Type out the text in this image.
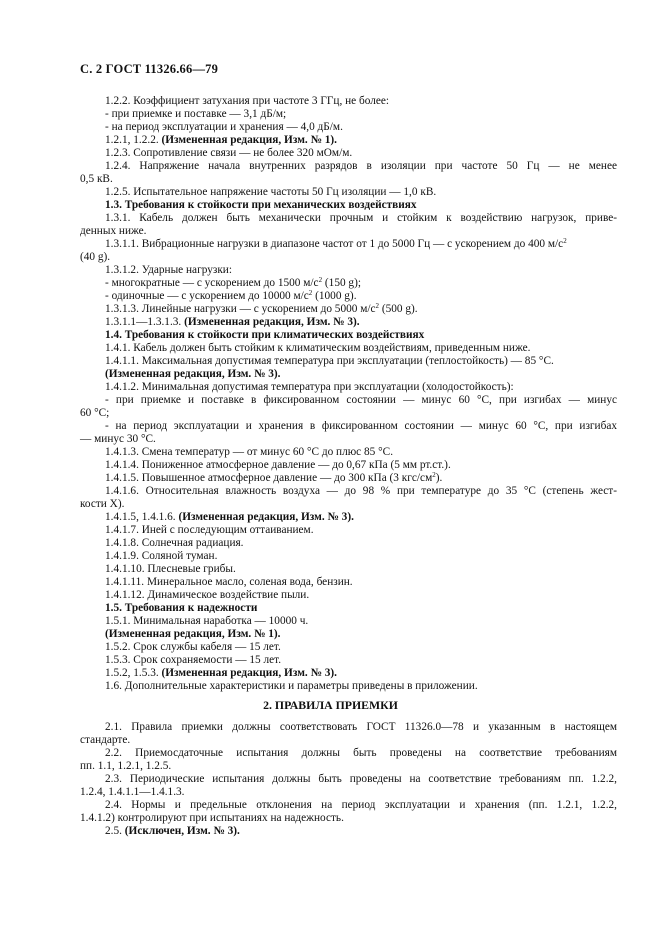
С. 2 ГОСТ 11326.66—79
1.2.2. Коэффициент затухания при частоте 3 ГГц, не более:
- при приемке и поставке — 3,1 дБ/м;
- на период эксплуатации и хранения — 4,0 дБ/м.
1.2.1, 1.2.2. (Измененная редакция, Изм. № 1).
1.2.3. Сопротивление связи — не более 320 мОм/м.
1.2.4. Напряжение начала внутренних разрядов в изоляции при частоте 50 Гц — не менее
0,5 кВ.
1.2.5. Испытательное напряжение частоты 50 Гц изоляции — 1,0 кВ.
1.3. Требования к стойкости при механических воздействиях
1.3.1. Кабель должен быть механически прочным и стойким к воздействию нагрузок, приве-
денных ниже.
1.3.1.1. Вибрационные нагрузки в диапазоне частот от 1 до 5000 Гц — с ускорением до 400 $м/с^2$
(40 g).
1.3.1.2. Ударные нагрузки:
- многократные — с ускорением до 1500 $м/с^2$ (150 g);
- одиночные — с ускорением до 10000 $м/с^2$ (1000 g).
1.3.1.3. Линейные нагрузки — с ускорением до 5000 $м/с^2$ (500 g).
1.3.1.1—1.3.1.3. (Измененная редакция, Изм. № 3).
1.4. Требования к стойкости при климатических воздействиях
1.4.1. Кабель должен быть стойким к климатическим воздействиям, приведенным ниже.
1.4.1.1. Максимальная допустимая температура при эксплуатации (теплостойкость) — 85 °С.
(Измененная редакция, Изм. № 3).
1.4.1.2. Минимальная допустимая температура при эксплуатации (холодостойкость):
- при приемке и поставке в фиксированном состоянии — минус 60 °С, при изгибах — минус
60 °С;
- на период эксплуатации и хранения в фиксированном состоянии — минус 60 °С, при изгибах
— минус 30 °С.
1.4.1.3. Смена температур — от минус 60 °С до плюс 85 °С.
1.4.1.4. Пониженное атмосферное давление — до 0,67 кПа (5 мм рт.ст.).
1.4.1.5. Повышенное атмосферное давление — до 300 кПа (3 кгс/$см^2$).
1.4.1.6. Относительная влажность воздуха — до 98 % при температуре до 35 °С (степень жест-
кости X).
1.4.1.5, 1.4.1.6. (Измененная редакция, Изм. № 3).
1.4.1.7. Иней с последующим оттаиванием.
1.4.1.8. Солнечная радиация.
1.4.1.9. Соляной туман.
1.4.1.10. Плесневые грибы.
1.4.1.11. Минеральное масло, соленая вода, бензин.
1.4.1.12. Динамическое воздействие пыли.
1.5. Требования к надежности
1.5.1. Минимальная наработка — 10000 ч.
(Измененная редакция, Изм. № 1).
1.5.2. Срок службы кабеля — 15 лет.
1.5.3. Срок сохраняемости — 15 лет.
1.5.2, 1.5.3. (Измененная редакция, Изм. № 3).
1.6. Дополнительные характеристики и параметры приведены в приложении.
2. ПРАВИЛА ПРИЕМКИ
2.1. Правила приемки должны соответствовать ГОСТ 11326.0—78 и указанным в настоящем
стандарте.
2.2. Приемосдаточные испытания должны быть проведены на соответствие требованиям
пп. 1.1, 1.2.1, 1.2.5.
2.3. Периодические испытания должны быть проведены на соответствие требованиям пп. 1.2.2,
1.2.4, 1.4.1.1—1.4.1.3.
2.4. Нормы и предельные отклонения на период эксплуатации и хранения (пп. 1.2.1, 1.2.2,
1.4.1.2) контролируют при испытаниях на надежность.
2.5. (Исключен, Изм. № 3).
